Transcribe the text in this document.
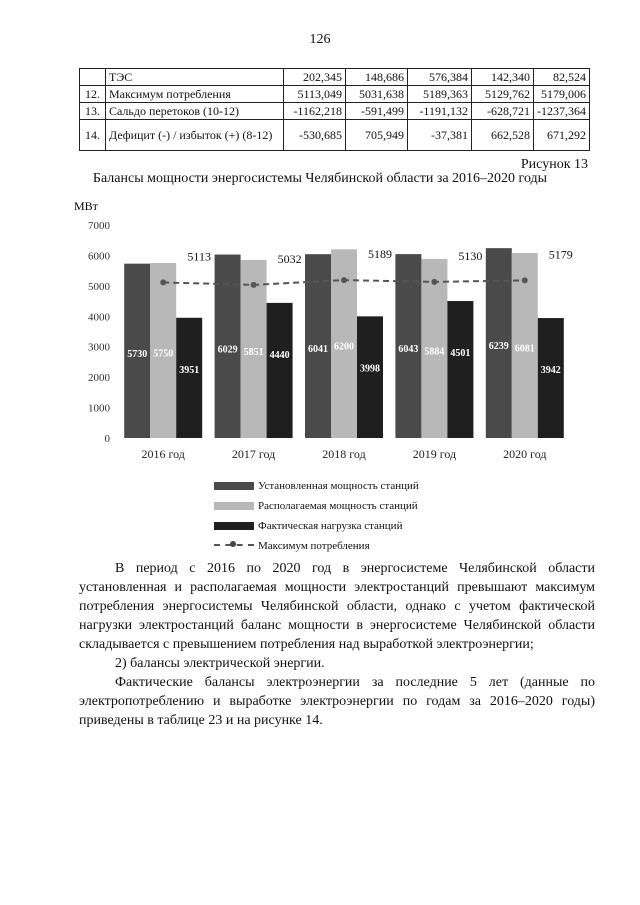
126
	ТЭС	202,345	148,686	576,384	142,340	82,524
12.	Максимум потребления	5113,049	5031,638	5189,363	5129,762	5179,006
13.	Сальдо перетоков (10-12)	-1162,218	-591,499	-1191,132	-628,721	-1237,364
14.	Дефицит (-) / избыток (+) (8-12)	-530,685	705,949	-37,381	662,528	671,292
Рисунок 13
Балансы мощности энергосистемы Челябинской области за 2016–2020 годы
МВт
0
1000
2000
3000
4000
5000
6000
7000
5113	5032	5189	5130	5179
5730 5750
3951
2016 год
6029 5851 4440
2017 год
6041 6200
3998
2018 год
6043 5884 4501
2019 год
6239 6081
3942
2020 год
Установленная мощность станций
Располагаемая мощность станций
Фактическая нагрузка станций
Максимум потребления

В период с 2016 по 2020 год в энергосистеме Челябинской области установленная и располагаемая мощности электростанций превышают максимум потребления энергосистемы Челябинской области, однако с учетом фактической нагрузки электростанций баланс мощности в энергосистеме Челябинской области складывается с превышением потребления над выработкой электроэнергии;

2) балансы электрической энергии.

Фактические балансы электроэнергии за последние 5 лет (данные по электропотреблению и выработке электроэнергии по годам за 2016–2020 годы) приведены в таблице 23 и на рисунке 14.
